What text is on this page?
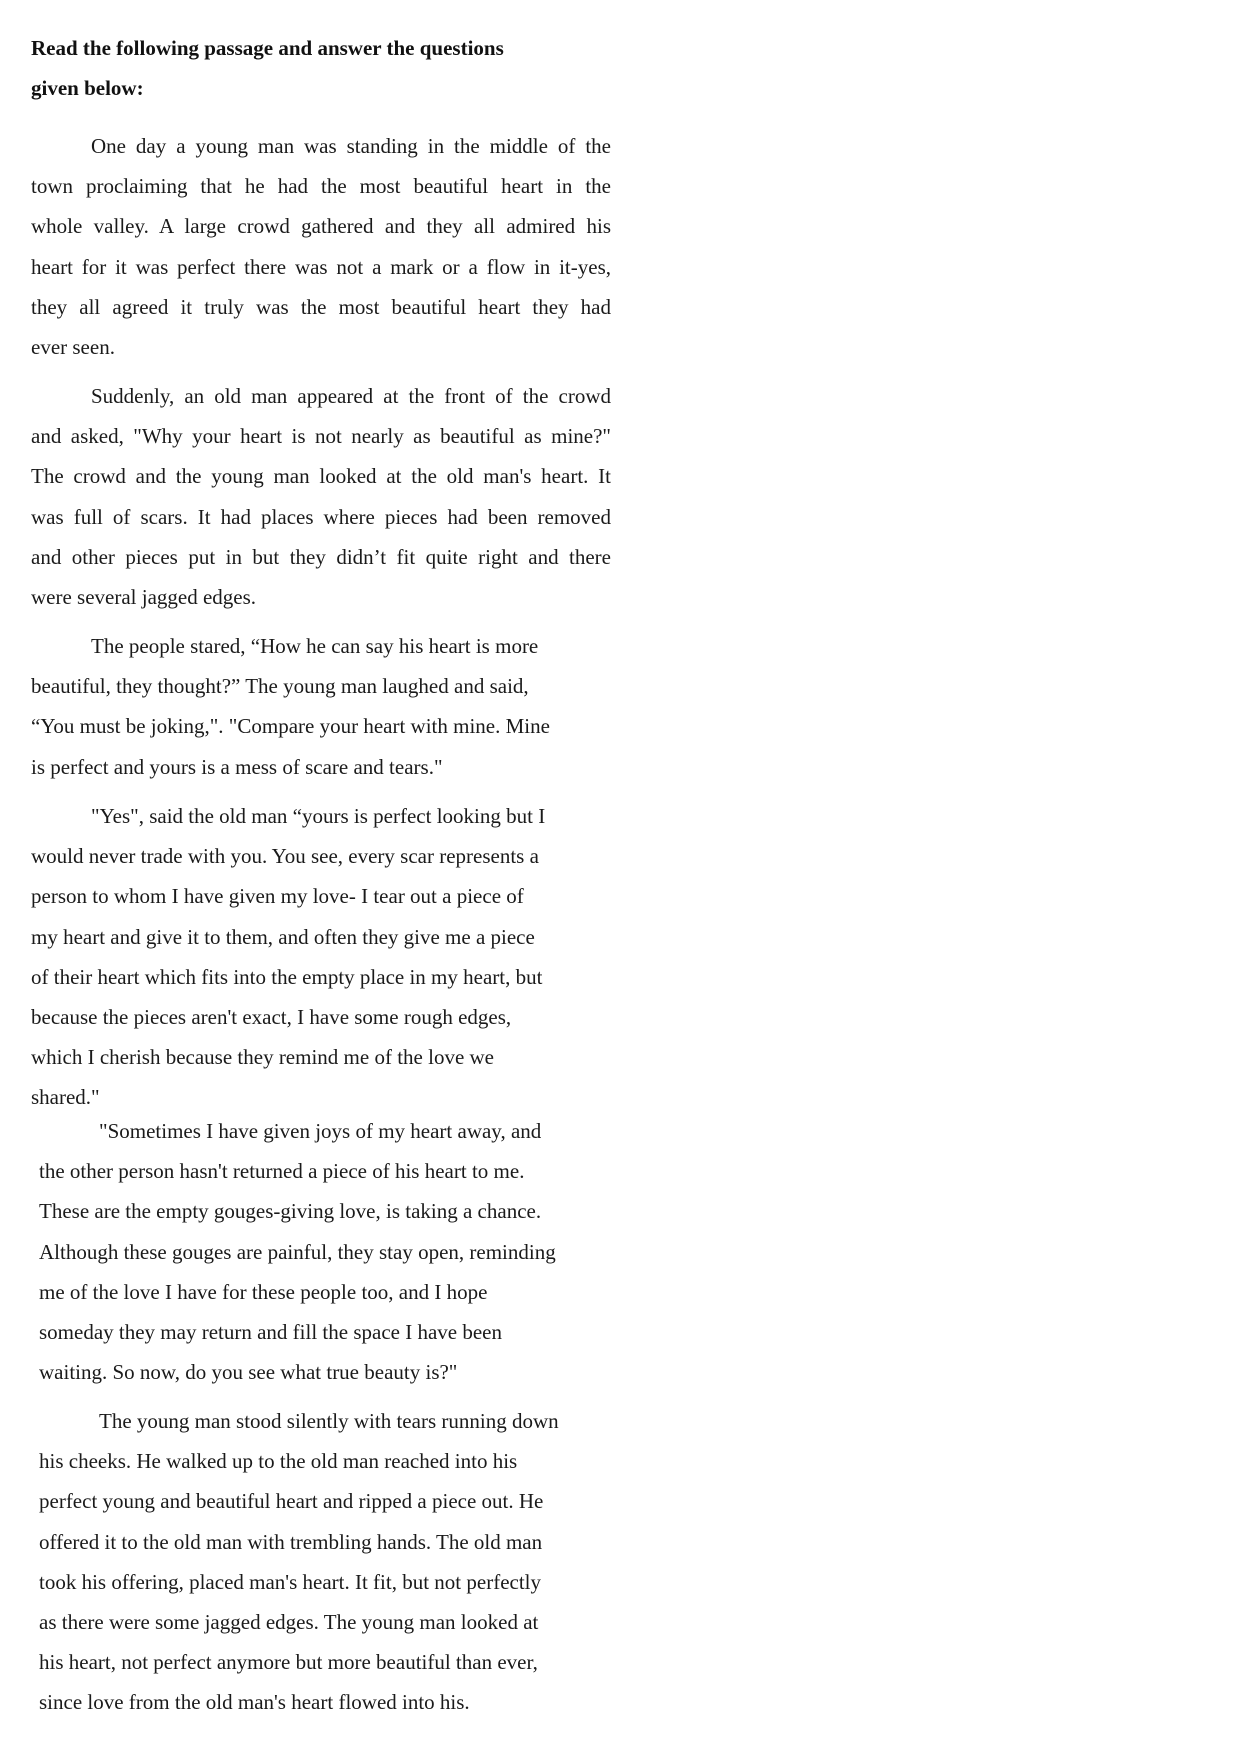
Read the following passage and answer the questions
given below:
One day a young man was standing in the middle of the
town proclaiming that he had the most beautiful heart in the
whole valley. A large crowd gathered and they all admired his
heart for it was perfect there was not a mark or a flow in it-yes,
they all agreed it truly was the most beautiful heart they had
ever seen.
Suddenly, an old man appeared at the front of the crowd
and asked, "Why your heart is not nearly as beautiful as mine?"
The crowd and the young man looked at the old man's heart. It
was full of scars. It had places where pieces had been removed
and other pieces put in but they didn’t fit quite right and there
were several jagged edges.
The people stared, “How he can say his heart is more
beautiful, they thought?” The young man laughed and said,
“You must be joking,". "Compare your heart with mine. Mine
is perfect and yours is a mess of scare and tears."
"Yes", said the old man “yours is perfect looking but I
would never trade with you. You see, every scar represents a
person to whom I have given my love- I tear out a piece of
my heart and give it to them, and often they give me a piece
of their heart which fits into the empty place in my heart, but
because the pieces aren't exact, I have some rough edges,
which I cherish because they remind me of the love we
shared."
"Sometimes I have given joys of my heart away, and
the other person hasn't returned a piece of his heart to me.
These are the empty gouges-giving love, is taking a chance.
Although these gouges are painful, they stay open, reminding
me of the love I have for these people too, and I hope
someday they may return and fill the space I have been
waiting. So now, do you see what true beauty is?"
The young man stood silently with tears running down
his cheeks. He walked up to the old man reached into his
perfect young and beautiful heart and ripped a piece out. He
offered it to the old man with trembling hands. The old man
took his offering, placed man's heart. It fit, but not perfectly
as there were some jagged edges. The young man looked at
his heart, not perfect anymore but more beautiful than ever,
since love from the old man's heart flowed into his.
